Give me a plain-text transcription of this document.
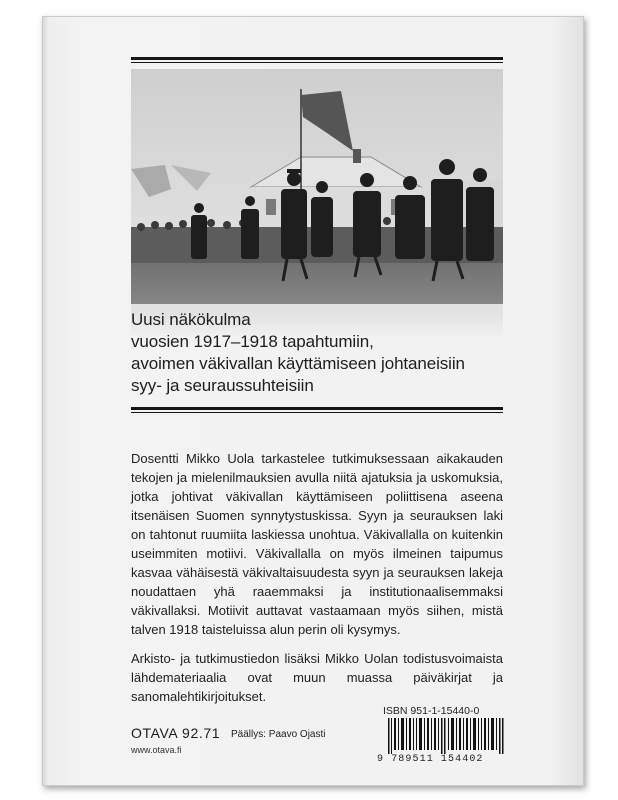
Uusi näkökulma
vuosien 1917–1918 tapahtumiin,
avoimen väkivallan käyttämiseen johtaneisiin
syy- ja seuraussuhteisiin

Dosentti Mikko Uola tarkastelee tutkimuksessaan aikakauden tekojen ja mielenilmauksien avulla niitä ajatuksia ja uskomuksia, jotka johtivat väkivallan käyttämiseen poliittisena aseena itsenäisen Suomen synnytystuskissa. Syyn ja seurauksen laki on tahtonut ruumiita laskiessa unohtua. Väkivallalla on kuitenkin useimmiten motiivi. Väkivallalla on myös ilmeinen taipumus kasvaa vähäisestä väkivaltaisuudesta syyn ja seurauksen lakeja noudattaen yhä raaemmaksi ja institutionaalisemmaksi väkivallaksi. Motiivit auttavat vastaamaan myös siihen, mistä talven 1918 taisteluissa alun perin oli kysymys.

Arkisto- ja tutkimustiedon lisäksi Mikko Uolan todistusvoimaista lähdemateriaalia ovat muun muassa päiväkirjat ja sanomalehtikirjoitukset.

OTAVA 92.71
www.otava.fi
Päällys: Paavo Ojasti
ISBN 951-1-15440-0
9 789511 154402
